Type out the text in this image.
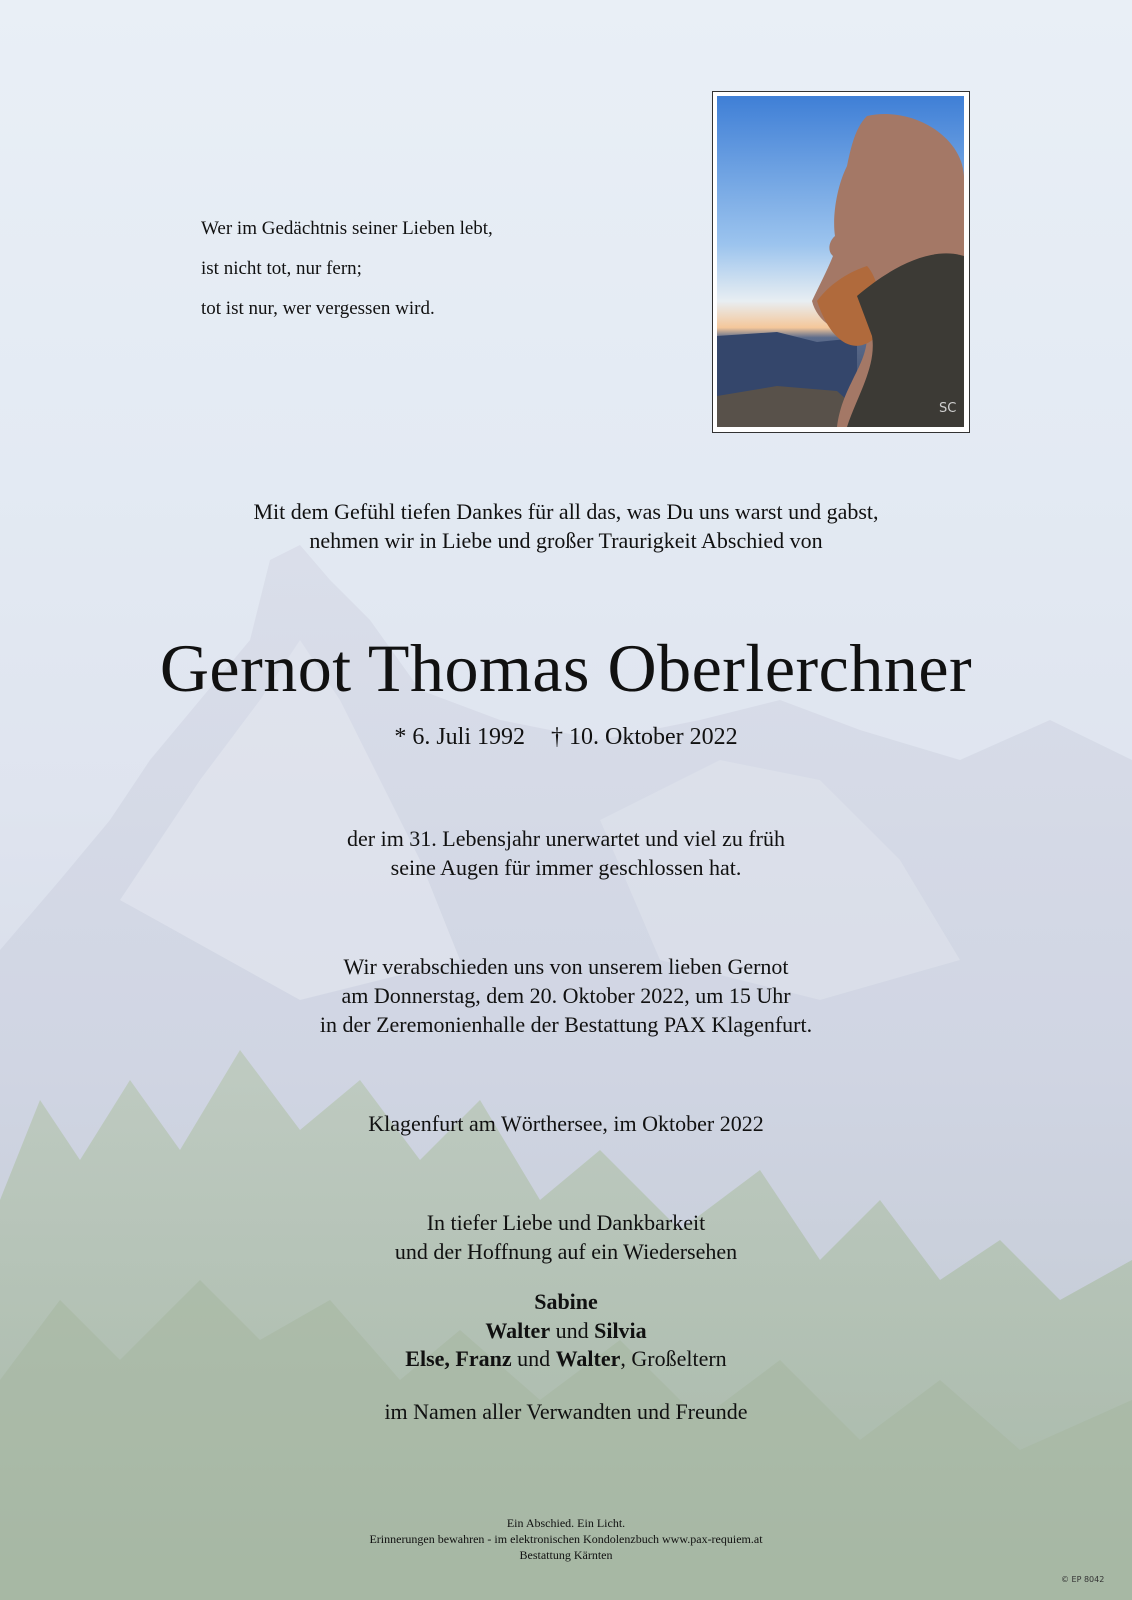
Wer im Gedächtnis seiner Lieben lebt,
ist nicht tot, nur fern;
tot ist nur, wer vergessen wird.
SC
Mit dem Gefühl tiefen Dankes für all das, was Du uns warst und gabst,
nehmen wir in Liebe und großer Traurigkeit Abschied von
Gernot Thomas Oberlerchner
* 6. Juli 1992 † 10. Oktober 2022
der im 31. Lebensjahr unerwartet und viel zu früh
seine Augen für immer geschlossen hat.
Wir verabschieden uns von unserem lieben Gernot
am Donnerstag, dem 20. Oktober 2022, um 15 Uhr
in der Zeremonienhalle der Bestattung PAX Klagenfurt.
Klagenfurt am Wörthersee, im Oktober 2022
In tiefer Liebe und Dankbarkeit
und der Hoffnung auf ein Wiedersehen
Sabine
Walter und Silvia
Else, Franz und Walter, Großeltern
im Namen aller Verwandten und Freunde
Ein Abschied. Ein Licht.
Erinnerungen bewahren - im elektronischen Kondolenzbuch www.pax-requiem.at
Bestattung Kärnten
© EP 8042
